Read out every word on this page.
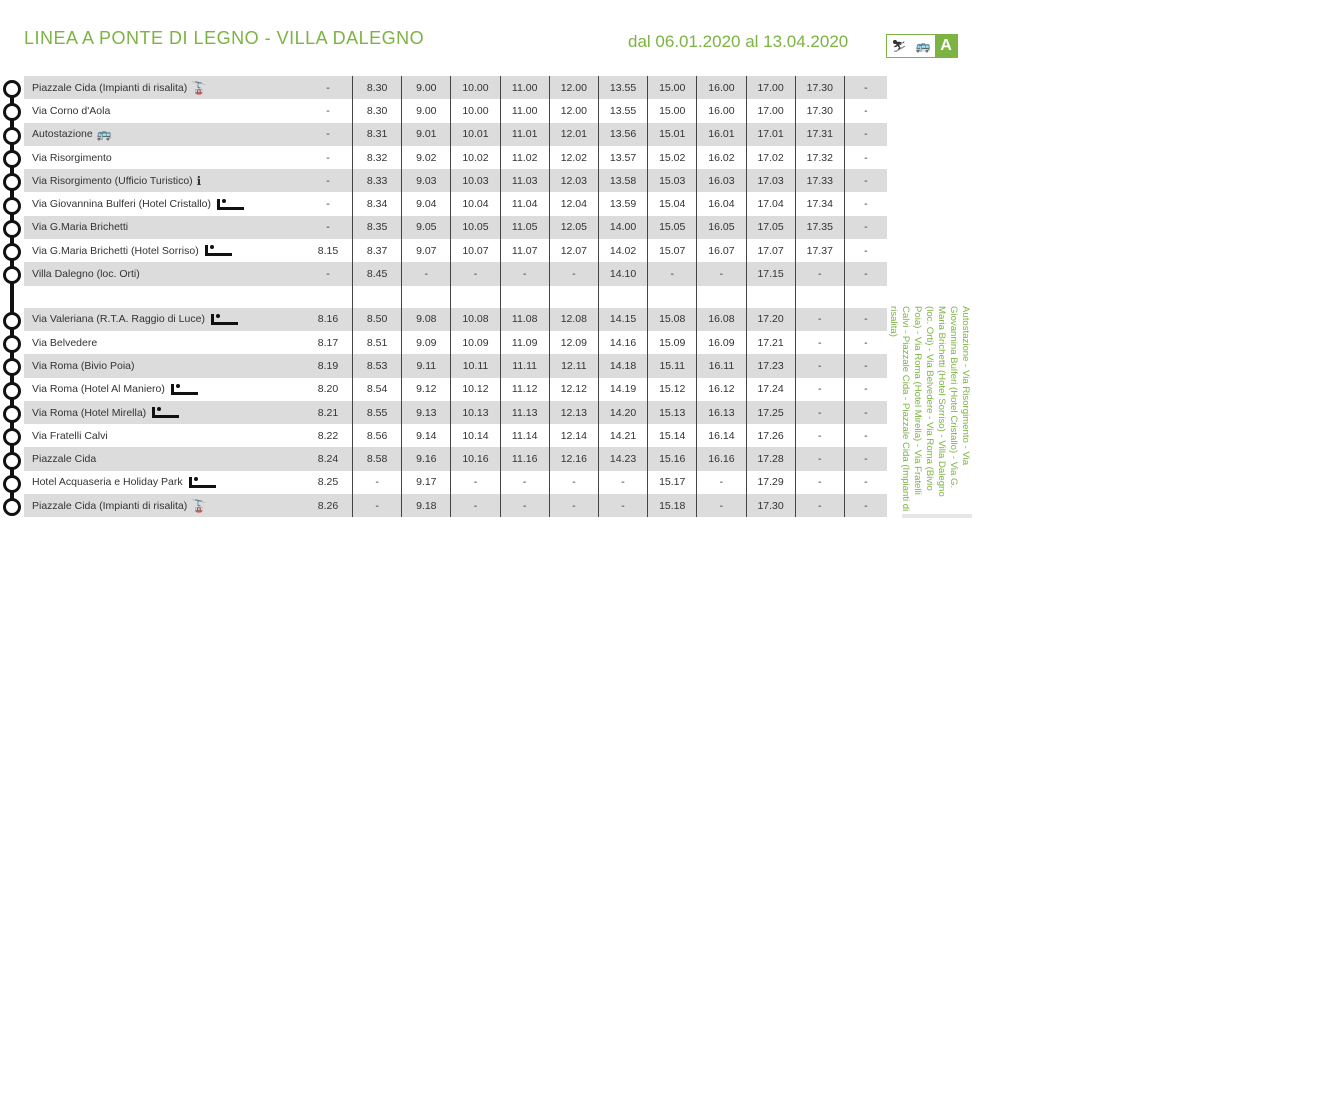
LINEA A PONTE DI LEGNO - VILLA DALEGNO	dal 06.01.2020 al 13.04.2020	⛷ 🚌 A
Piazzale Cida (Impianti di risalita) 🚡	-	8.30	9.00	10.00	11.00	12.00	13.55	15.00	16.00	17.00	17.30	-
Via Corno d'Aola	-	8.30	9.00	10.00	11.00	12.00	13.55	15.00	16.00	17.00	17.30	-
Autostazione 🚌	-	8.31	9.01	10.01	11.01	12.01	13.56	15.01	16.01	17.01	17.31	-
Via Risorgimento	-	8.32	9.02	10.02	11.02	12.02	13.57	15.02	16.02	17.02	17.32	-
Via Risorgimento (Ufficio Turistico) ℹ	-	8.33	9.03	10.03	11.03	12.03	13.58	15.03	16.03	17.03	17.33	-
Via Giovannina Bulferi (Hotel Cristallo)	-	8.34	9.04	10.04	11.04	12.04	13.59	15.04	16.04	17.04	17.34	-
Via G.Maria Brichetti	-	8.35	9.05	10.05	11.05	12.05	14.00	15.05	16.05	17.05	17.35	-
Via G.Maria Brichetti (Hotel Sorriso)	8.15	8.37	9.07	10.07	11.07	12.07	14.02	15.07	16.07	17.07	17.37	-
Villa Dalegno (loc. Orti)	-	8.45	-	-	-	-	14.10	-	-	17.15	-	-

Via Valeriana (R.T.A. Raggio di Luce)	8.16	8.50	9.08	10.08	11.08	12.08	14.15	15.08	16.08	17.20	-	-
Via Belvedere	8.17	8.51	9.09	10.09	11.09	12.09	14.16	15.09	16.09	17.21	-	-
Via Roma (Bivio Poia)	8.19	8.53	9.11	10.11	11.11	12.11	14.18	15.11	16.11	17.23	-	-
Via Roma (Hotel Al Maniero)	8.20	8.54	9.12	10.12	11.12	12.12	14.19	15.12	16.12	17.24	-	-
Via Roma (Hotel Mirella)	8.21	8.55	9.13	10.13	11.13	12.13	14.20	15.13	16.13	17.25	-	-
Via Fratelli Calvi	8.22	8.56	9.14	10.14	11.14	12.14	14.21	15.14	16.14	17.26	-	-
Piazzale Cida	8.24	8.58	9.16	10.16	11.16	12.16	14.23	15.16	16.16	17.28	-	-
Hotel Acquaseria e Holiday Park	8.25	-	9.17	-	-	-	-	15.17	-	17.29	-	-
Piazzale Cida (Impianti di risalita) 🚡	8.26	-	9.18	-	-	-	-	15.18	-	17.30	-	-
Autostazione - Via Risorgimento - Via Giovannina Bulferi (Hotel Cristallo) - Via G. Maria Brichetti (Hotel Sorriso) - Villa Dalegno (loc. Orti) - Via Belvedere - Via Roma (Bivio Poia) - Via Roma (Hotel Mirella) - Via Fratelli Calvi - Piazzale Cida - Piazzale Cida (Impianti di risalita)
